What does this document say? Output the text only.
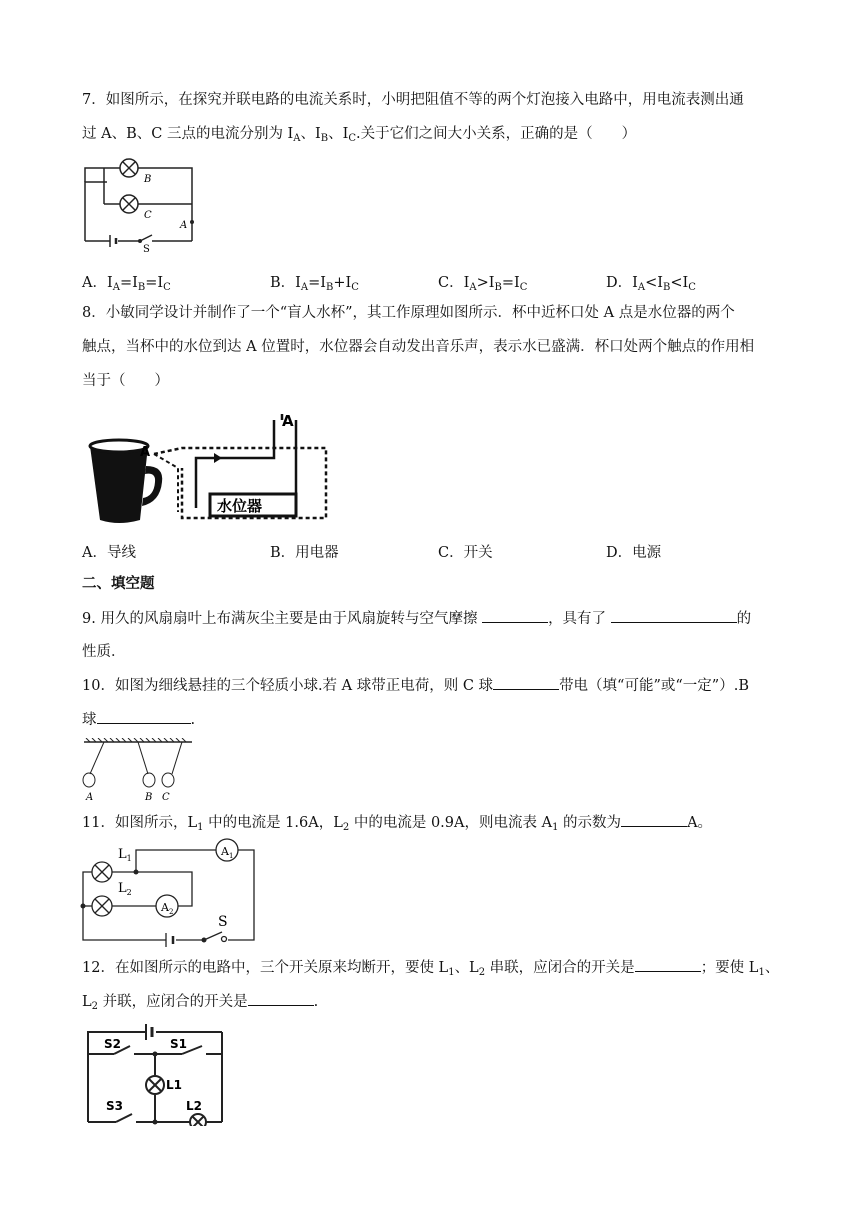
7．如图所示，在探究并联电路的电流关系时，小明把阻值不等的两个灯泡接入电路中，用电流表测出通
过 A、B、C 三点的电流分别为 $I_A$、$I_B$、$I_C$.关于它们之间大小关系，正确的是（　　）
B
C
A
S
A．$I_A=I_B=I_C$	B．$I_A=I_B+I_C$	C．$I_A>I_B=I_C$	D．$I_A<I_B<I_C$
8．小敏同学设计并制作了一个“盲人水杯”，其工作原理如图所示．杯中近杯口处 A 点是水位器的两个
触点，当杯中的水位到达 A 位置时，水位器会自动发出音乐声，表示水已盛满．杯口处两个触点的作用相
当于（　　）
A
A
水位器
A．导线	B．用电器	C．开关	D．电源
二、填空题
9. 用久的风扇扇叶上布满灰尘主要是由于风扇旋转与空气摩擦	，具有了	的
性质．
10．如图为细线悬挂的三个轻质小球.若 A 球带正电荷，则 C 球	带电（填“可能”或“一定”）.B
球	.
A	B C
11．如图所示，$L_1$ 中的电流是 1.6A，$L_2$ 中的电流是 0.9A，则电流表 $A_1$ 的示数为	A。
$L_1$
$L_2$
$A_1$
$A_2$
S
12．在如图所示的电路中，三个开关原来均断开，要使 $L_1$、$L_2$ 串联，应闭合的开关是	；要使 $L_1$、
$L_2$ 并联，应闭合的开关是	.
S2	S1
L1
S3	L2
